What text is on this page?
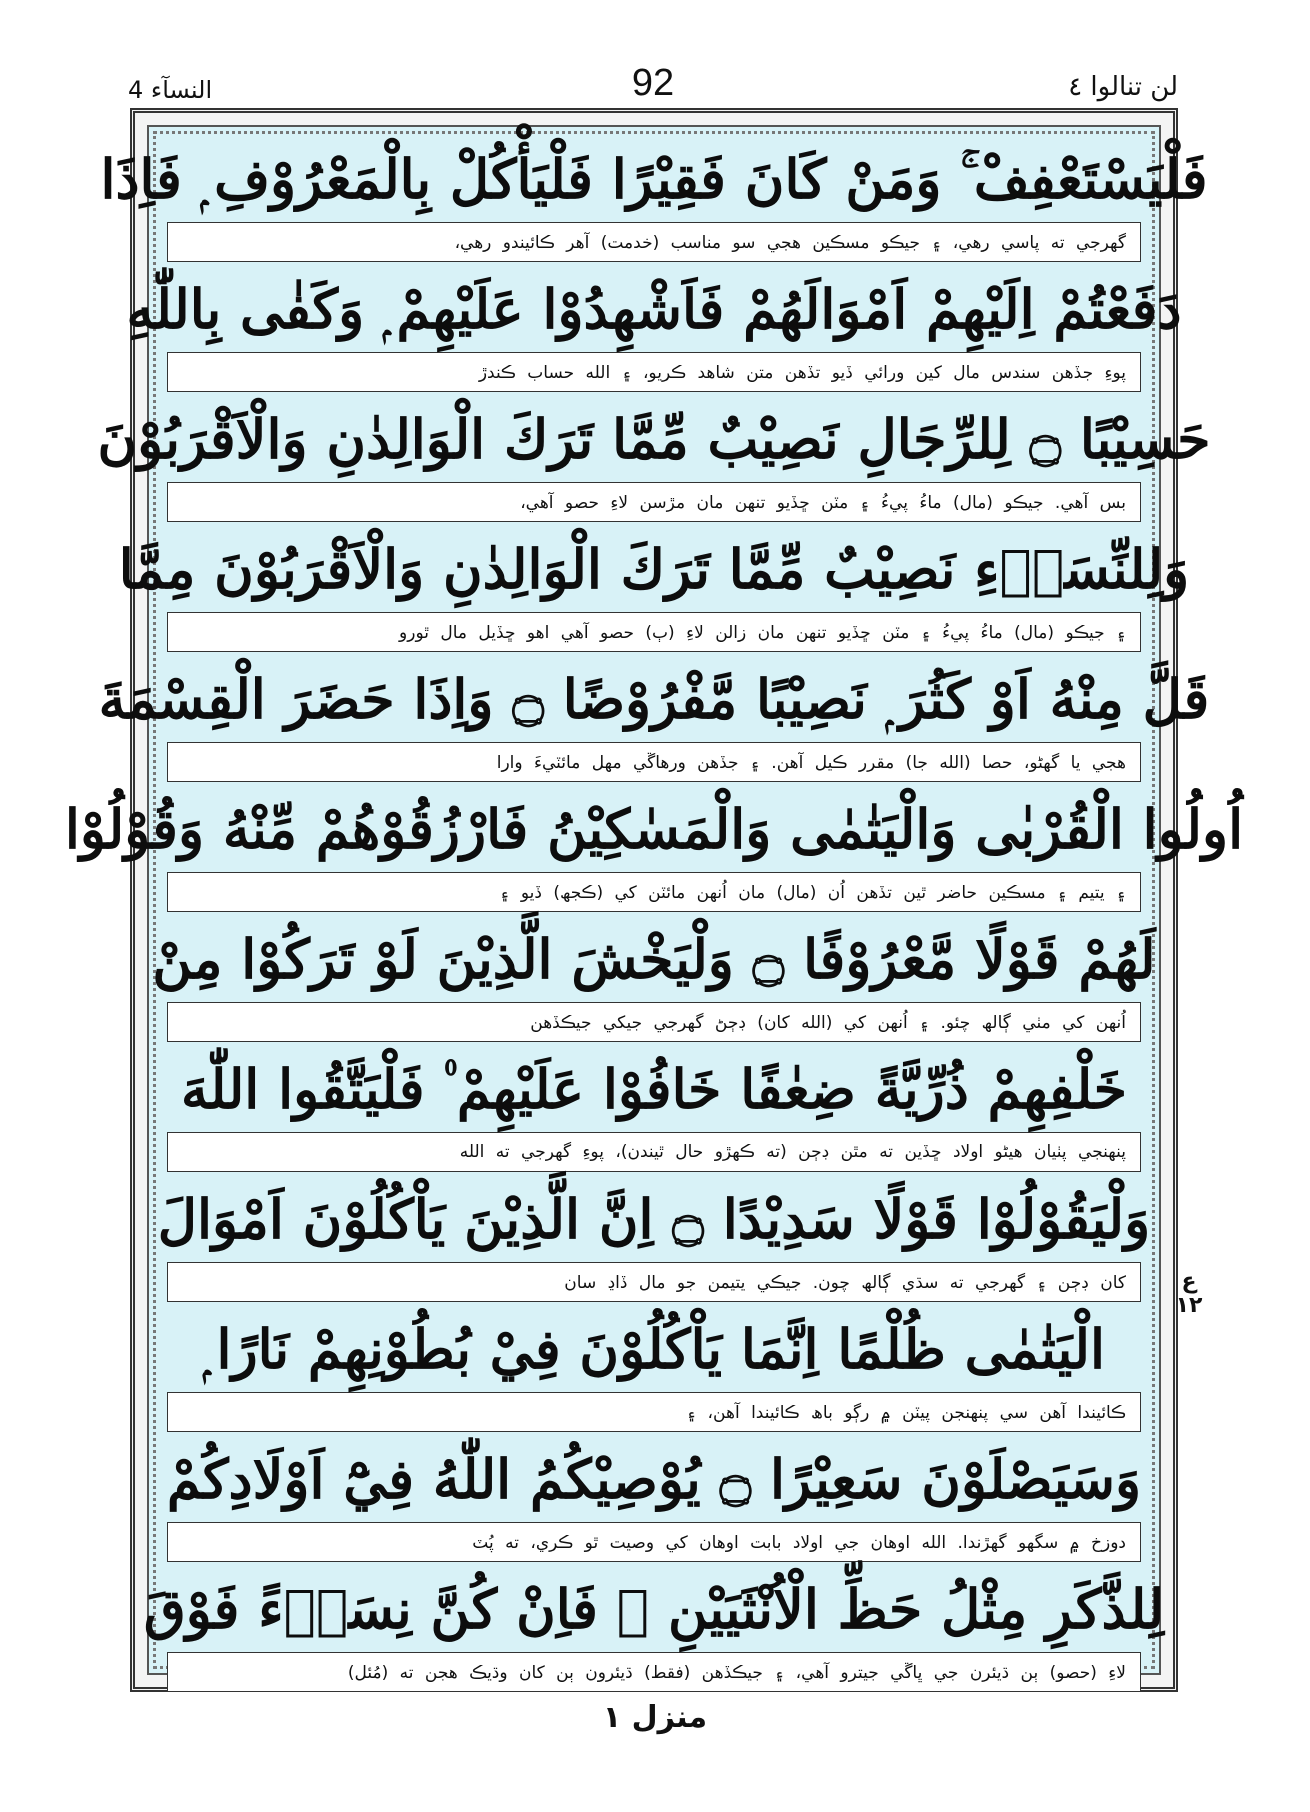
النسآء 4	92	لن تنالوا ٤
فَلْيَسْتَعْفِفْ ۚ وَمَنْ كَانَ فَقِيْرًا فَلْيَأْكُلْ بِالْمَعْرُوْفِ ۭ فَاِذَا
گھرجي ته پاسي رهي، ۽ جيڪو مسڪين هجي سو مناسب (خدمت) آهر ڪائيندو رهي،
دَفَعْتُمْ اِلَيْهِمْ اَمْوَالَهُمْ فَاَشْهِدُوْا عَلَيْهِمْ ۭ وَكَفٰى بِاللّٰهِ
پوءِ جڏهن سندس مال کين ورائي ڏيو تڏهن متن شاهد ڪريو، ۽ الله حساب ڪندڙ
حَسِيْبًا ۝ لِلرِّجَالِ نَصِيْبٌ مِّمَّا تَرَكَ الْوَالِدٰنِ وَالْاَقْرَبُوْنَ
بس آهي. جيڪو (مال) ماءُ پيءُ ۽ مٽن ڇڏيو تنهن مان مڙسن لاءِ حصو آهي،
وَلِلنِّسَاۗءِ نَصِيْبٌ مِّمَّا تَرَكَ الْوَالِدٰنِ وَالْاَقْرَبُوْنَ مِمَّا
۽ جيڪو (مال) ماءُ پيءُ ۽ مٽن ڇڏيو تنهن مان زالن لاءِ (ٻ) حصو آهي اهو ڇڏيل مال ٿورو
قَلَّ مِنْهُ اَوْ كَثُرَ ۭ نَصِيْبًا مَّفْرُوْضًا ۝ وَاِذَا حَضَرَ الْقِسْمَةَ
هجي يا گهڻو، حصا (الله جا) مقرر ڪيل آهن. ۽ جڏهن ورهاڱي مهل مائٽيءَ وارا
اُولُوا الْقُرْبٰى وَالْيَتٰمٰى وَالْمَسٰكِيْنُ فَارْزُقُوْھُمْ مِّنْهُ وَقُوْلُوْا
۽ يتيم ۽ مسڪين حاضر ٿين تڏهن اُن (مال) مان اُنهن مائٽن کي (ڪجھ) ڏيو ۽
لَھُمْ قَوْلًا مَّعْرُوْفًا ۝ وَلْيَخْشَ الَّذِيْنَ لَوْ تَرَكُوْا مِنْ
اُنهن کي مٺي ڳالھ چئو. ۽ اُنهن کي (الله کان) ڊڄڻ گھرجي جيکي جيڪڏهن
خَلْفِهِمْ ذُرِّيَّةً ضِعٰفًا خَافُوْا عَلَيْهِمْ ۠ فَلْيَتَّقُوا اللّٰهَ
پنهنجي پٺيان هيڻو اولاد ڇڏين ته مٿن ڊڄن (ته ڪهڙو حال ٿيندن)، پوءِ گھرجي ته الله
وَلْيَقُوْلُوْا قَوْلًا سَدِيْدًا ۝ اِنَّ الَّذِيْنَ يَاْكُلُوْنَ اَمْوَالَ
کان ڊڄن ۽ گھرجي ته سڌي ڳالھ چون. جيڪي يتيمن جو مال ڏاڍ سان
الْيَتٰمٰى ظُلْمًا اِنَّمَا يَاْكُلُوْنَ فِيْ بُطُوْنِھِمْ نَارًا ۭ
ڪائيندا آهن سي پنهنجن پيٽن ۾ رڳو باھ ڪائيندا آهن، ۽
وَسَيَصْلَوْنَ سَعِيْرًا ۝ يُوْصِيْكُمُ اللّٰهُ فِيْٓ اَوْلَادِكُمْ
دوزخ ۾ سگھو گهڙندا. الله اوهان جي اولاد بابت اوهان کي وصيت ٿو ڪري، ته پُٽ
لِلذَّكَرِ مِثْلُ حَظِّ الْاُنْثَيَيْنِ ۚ فَاِنْ كُنَّ نِسَاۗءً فَوْقَ
لاءِ (حصو) ٻن ڌيئرن جي ڀاڱي جيترو آهي، ۽ جيڪڏهن (فقط) ڌيئرون ٻن کان وڌيڪ هجن ته (مُئل)
ع ١٢
منزل ١
